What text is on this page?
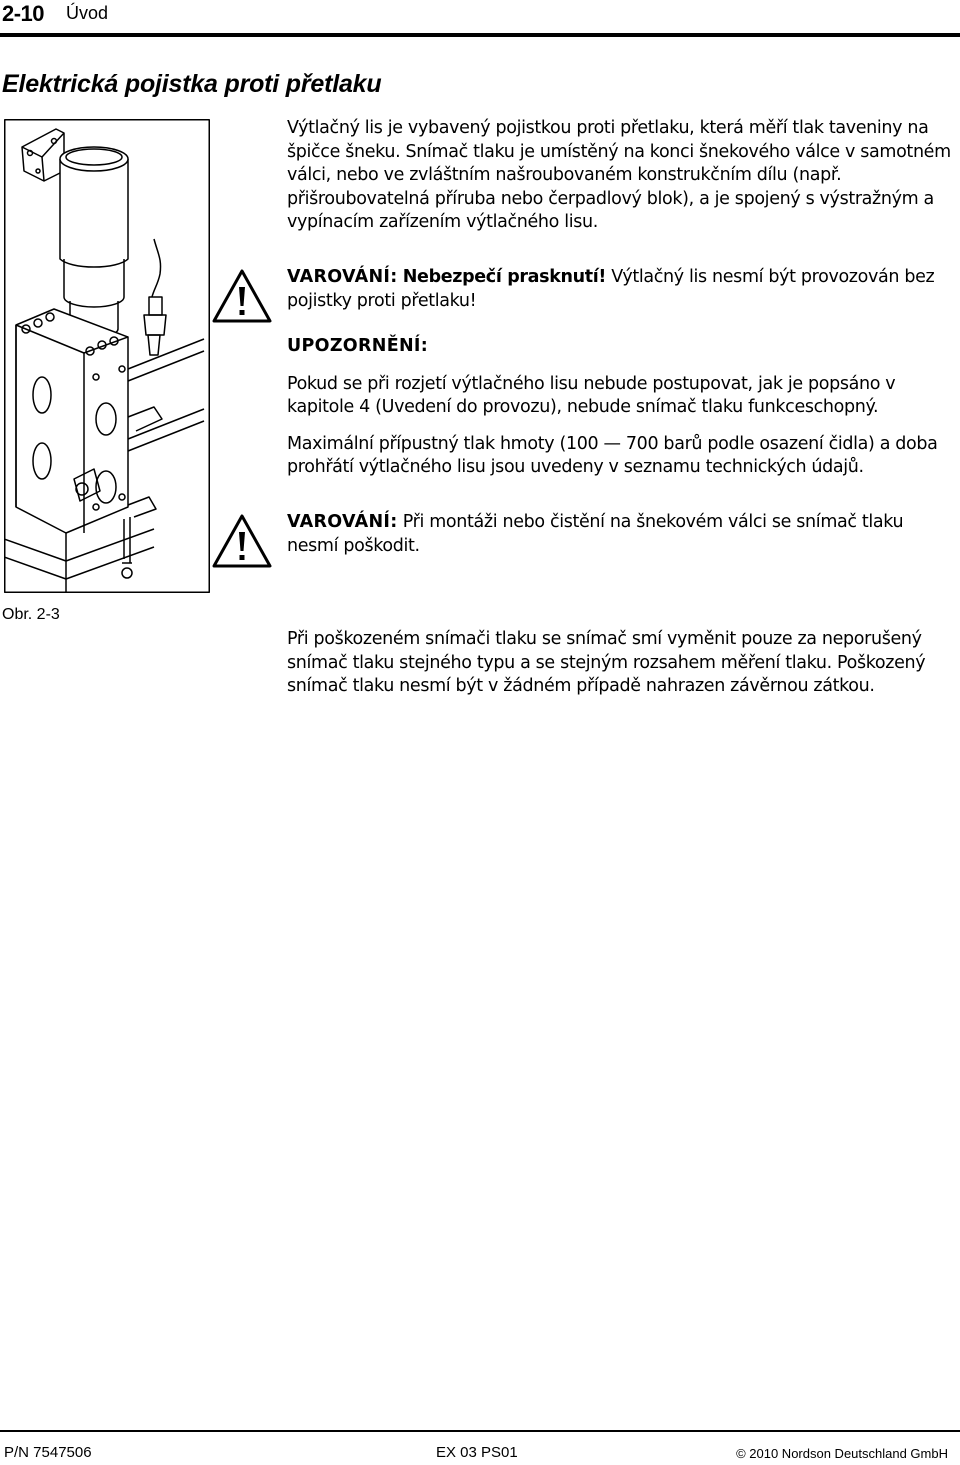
2-10 Úvod
Elektrická pojistka proti přetlaku
Obr. 2-3

Výtlačný lis je vybavený pojistkou proti přetlaku, která měří tlak taveniny na špičce šneku. Snímač tlaku je umístěný na konci šnekového válce v samotném válci, nebo ve zvláštním našroubovaném konstrukčním dílu (např. přišroubovatelná příruba nebo čerpadlový blok), a je spojený s výstražným a vypínacím zařízením výtlačného lisu.

VAROVÁNÍ: Nebezpečí prasknutí! Výtlačný lis nesmí být provozován bez pojistky proti přetlaku!

UPOZORNĚNÍ:

Pokud se při rozjetí výtlačného lisu nebude postupovat, jak je popsáno v kapitole 4 (Uvedení do provozu), nebude snímač tlaku funkceschopný.

Maximální přípustný tlak hmoty (100 — 700 barů podle osazení čidla) a doba prohřátí výtlačného lisu jsou uvedeny v seznamu technických údajů.

VAROVÁNÍ: Při montáži nebo čistění na šnekovém válci se snímač tlaku nesmí poškodit.

Při poškozeném snímači tlaku se snímač smí vyměnit pouze za neporušený snímač tlaku stejného typu a se stejným rozsahem měření tlaku. Poškozený snímač tlaku nesmí být v žádném případě nahrazen závěrnou zátkou.

P/N 7547506	EX 03 PS01	© 2010 Nordson Deutschland GmbH
